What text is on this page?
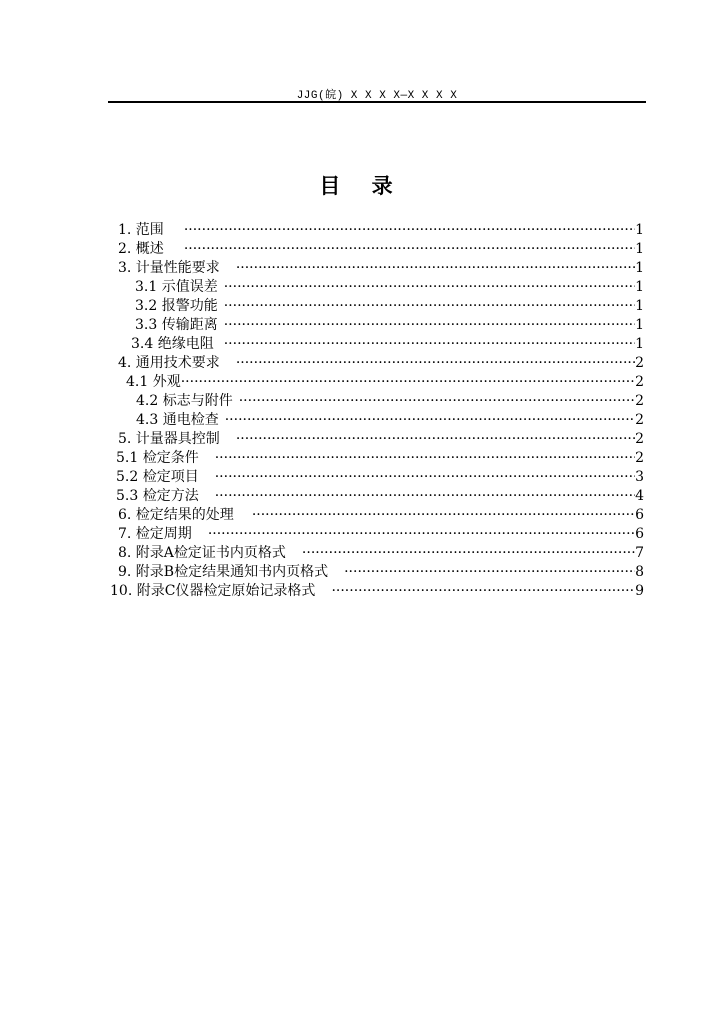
JJG(皖) X X X X—X X X X
目 录
1. 范围 ·····	1
2. 概述 ·····	1
3. 计量性能要求 ·····	1
3.1 示值误差 ·····	1
3.2 报警功能 ·····	1
3.3 传输距离 ·····	1
3.4 绝缘电阻 ·····	1
4. 通用技术要求 ·····	2
4.1 外观 ·····	2
4.2 标志与附件 ·····	2
4.3 通电检查 ·····	2
5. 计量器具控制 ·····	2
5.1 检定条件 ·····	2
5.2 检定项目 ·····	3
5.3 检定方法 ·····	4
6. 检定结果的处理 ·····	6
7. 检定周期 ·····	6
8. 附录A检定证书内页格式 ·····	7
9. 附录B检定结果通知书内页格式 ·····	8
10. 附录C仪器检定原始记录格式 ·····	9
